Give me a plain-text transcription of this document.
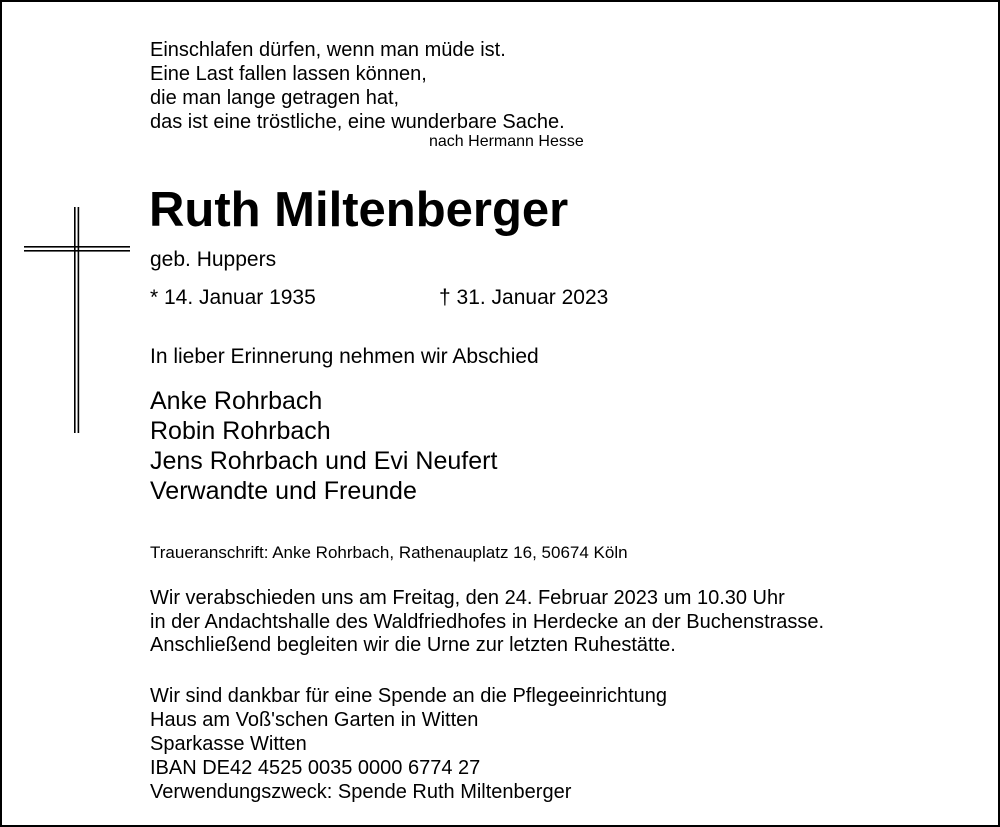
Einschlafen dürfen, wenn man müde ist.
Eine Last fallen lassen können,
die man lange getragen hat,
das ist eine tröstliche, eine wunderbare Sache.
nach Hermann Hesse
Ruth Miltenberger
geb. Huppers
* 14. Januar 1935	† 31. Januar 2023
In lieber Erinnerung nehmen wir Abschied
Anke Rohrbach
Robin Rohrbach
Jens Rohrbach und Evi Neufert
Verwandte und Freunde
Traueranschrift: Anke Rohrbach, Rathenauplatz 16, 50674 Köln
Wir verabschieden uns am Freitag, den 24. Februar 2023 um 10.30 Uhr
in der Andachtshalle des Waldfriedhofes in Herdecke an der Buchenstrasse.
Anschließend begleiten wir die Urne zur letzten Ruhestätte.
Wir sind dankbar für eine Spende an die Pflegeeinrichtung
Haus am Voß'schen Garten in Witten
Sparkasse Witten
IBAN DE42 4525 0035 0000 6774 27
Verwendungszweck: Spende Ruth Miltenberger
